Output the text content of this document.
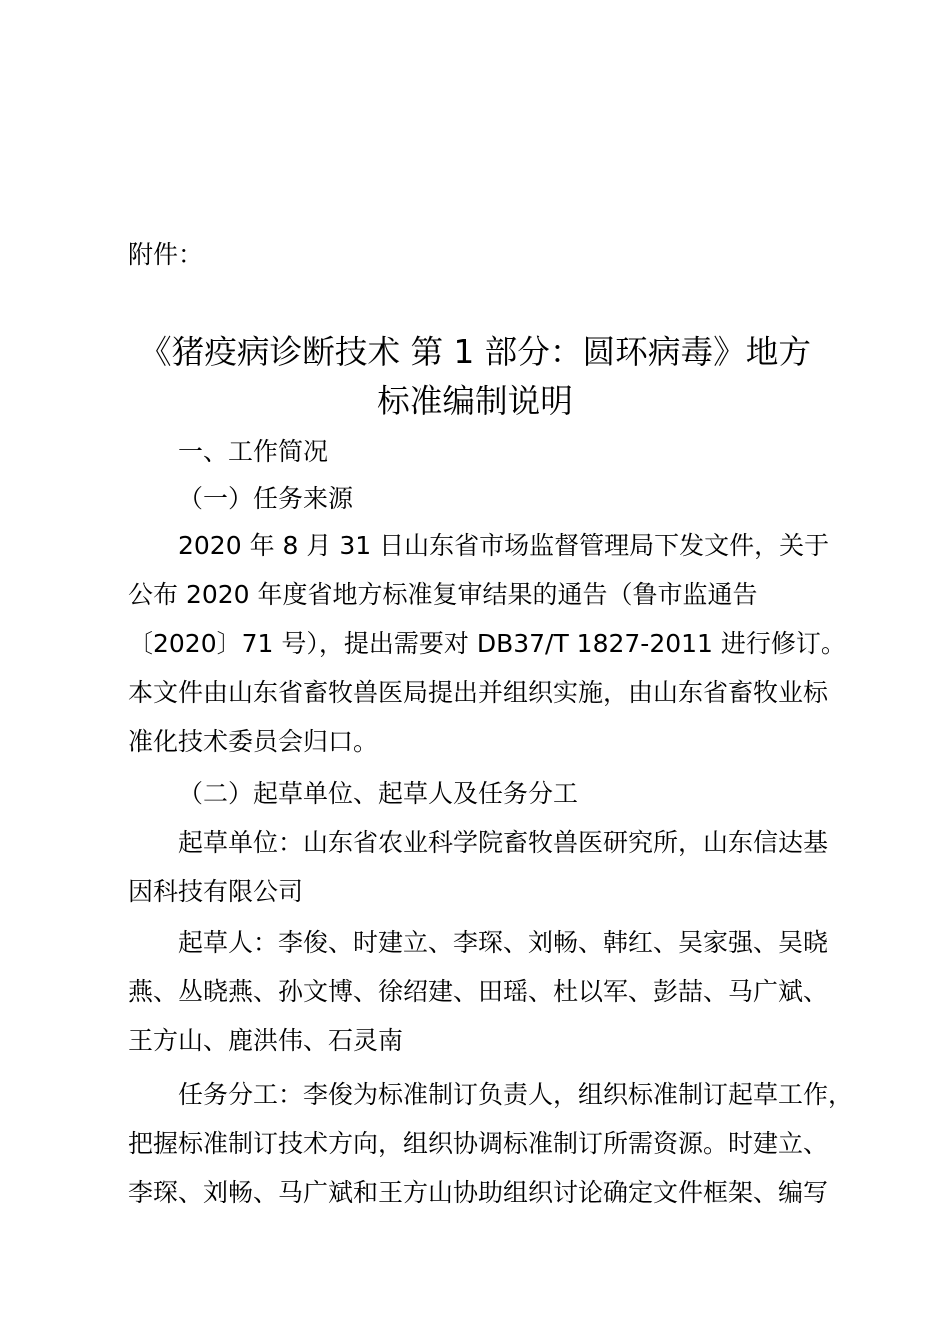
附件：
《猪疫病诊断技术 第 1 部分：圆环病毒》地方
标准编制说明
一、工作简况
（一）任务来源
2020 年 8 月 31 日山东省市场监督管理局下发文件，关于
公布 2020 年度省地方标准复审结果的通告（鲁市监通告
〔2020〕71 号），提出需要对 DB37/T 1827-2011 进行修订。
本文件由山东省畜牧兽医局提出并组织实施，由山东省畜牧业标
准化技术委员会归口。
（二）起草单位、起草人及任务分工
起草单位：山东省农业科学院畜牧兽医研究所，山东信达基
因科技有限公司
起草人：李俊、时建立、李琛、刘畅、韩红、吴家强、吴晓
燕、丛晓燕、孙文博、徐绍建、田瑶、杜以军、彭喆、马广斌、
王方山、鹿洪伟、石灵南
任务分工：李俊为标准制订负责人，组织标准制订起草工作，
把握标准制订技术方向，组织协调标准制订所需资源。时建立、
李琛、刘畅、马广斌和王方山协助组织讨论确定文件框架、编写
